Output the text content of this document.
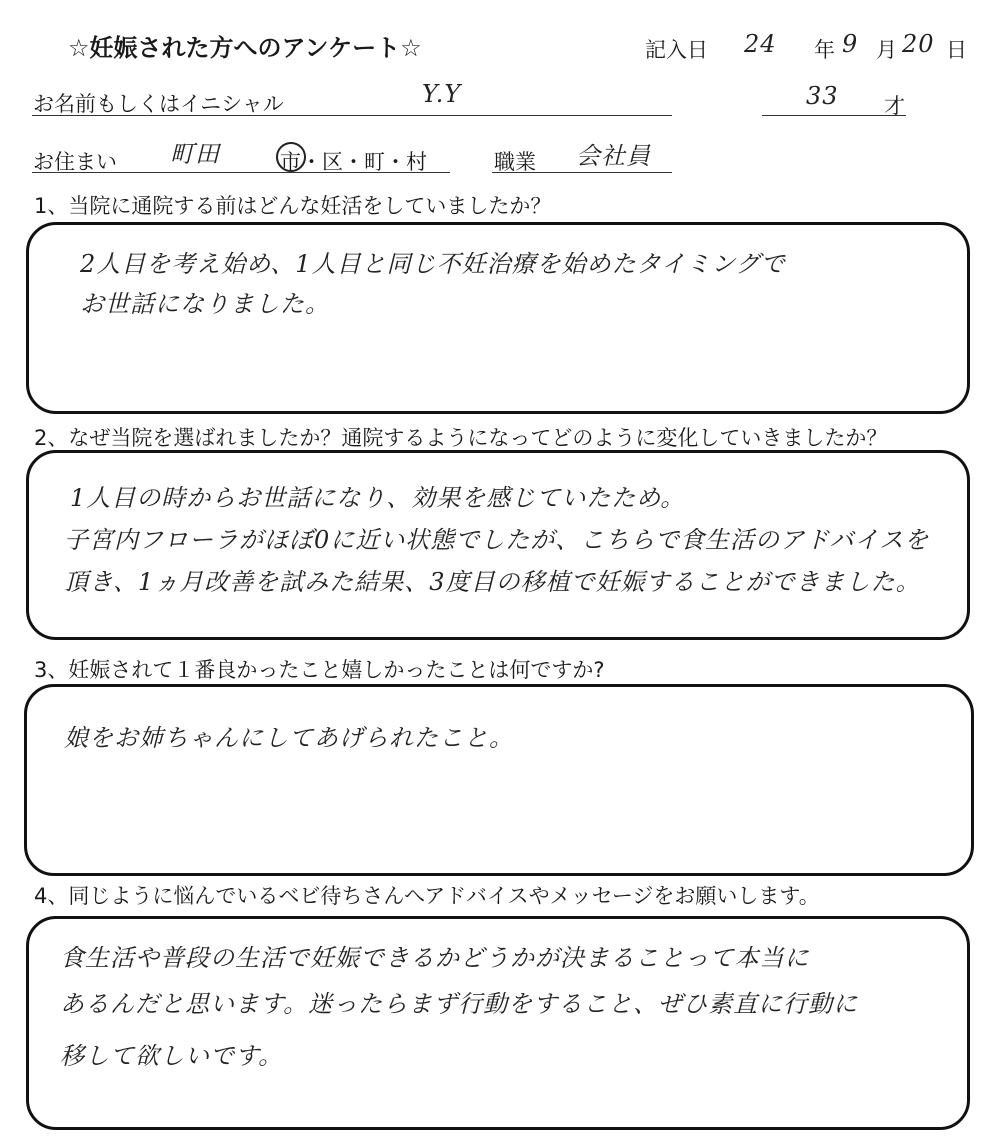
☆妊娠された方へのアンケート☆	記入日 24 年 9 月 20 日
お名前もしくはイニシャル	Y.Y	33 才
お住まい 町田	市・区・町・村	職業 会社員
1、当院に通院する前はどんな妊活をしていましたか？
2人目を考え始め、1人目と同じ不妊治療を始めたタイミングで
お世話になりました。
2、なぜ当院を選ばれましたか？通院するようになってどのように変化していきましたか？
1人目の時からお世話になり、効果を感じていたため。
子宮内フローラがほぼ0に近い状態でしたが、こちらで食生活のアドバイスを
頂き、1ヵ月改善を試みた結果、3度目の移植で妊娠することができました。
3、妊娠されて１番良かったこと嬉しかったことは何ですか?
娘をお姉ちゃんにしてあげられたこと。
4、同じように悩んでいるベビ待ちさんへアドバイスやメッセージをお願いします。
食生活や普段の生活で妊娠できるかどうかが決まることって本当に
あるんだと思います。迷ったらまず行動をすること、ぜひ素直に行動に
移して欲しいです。
